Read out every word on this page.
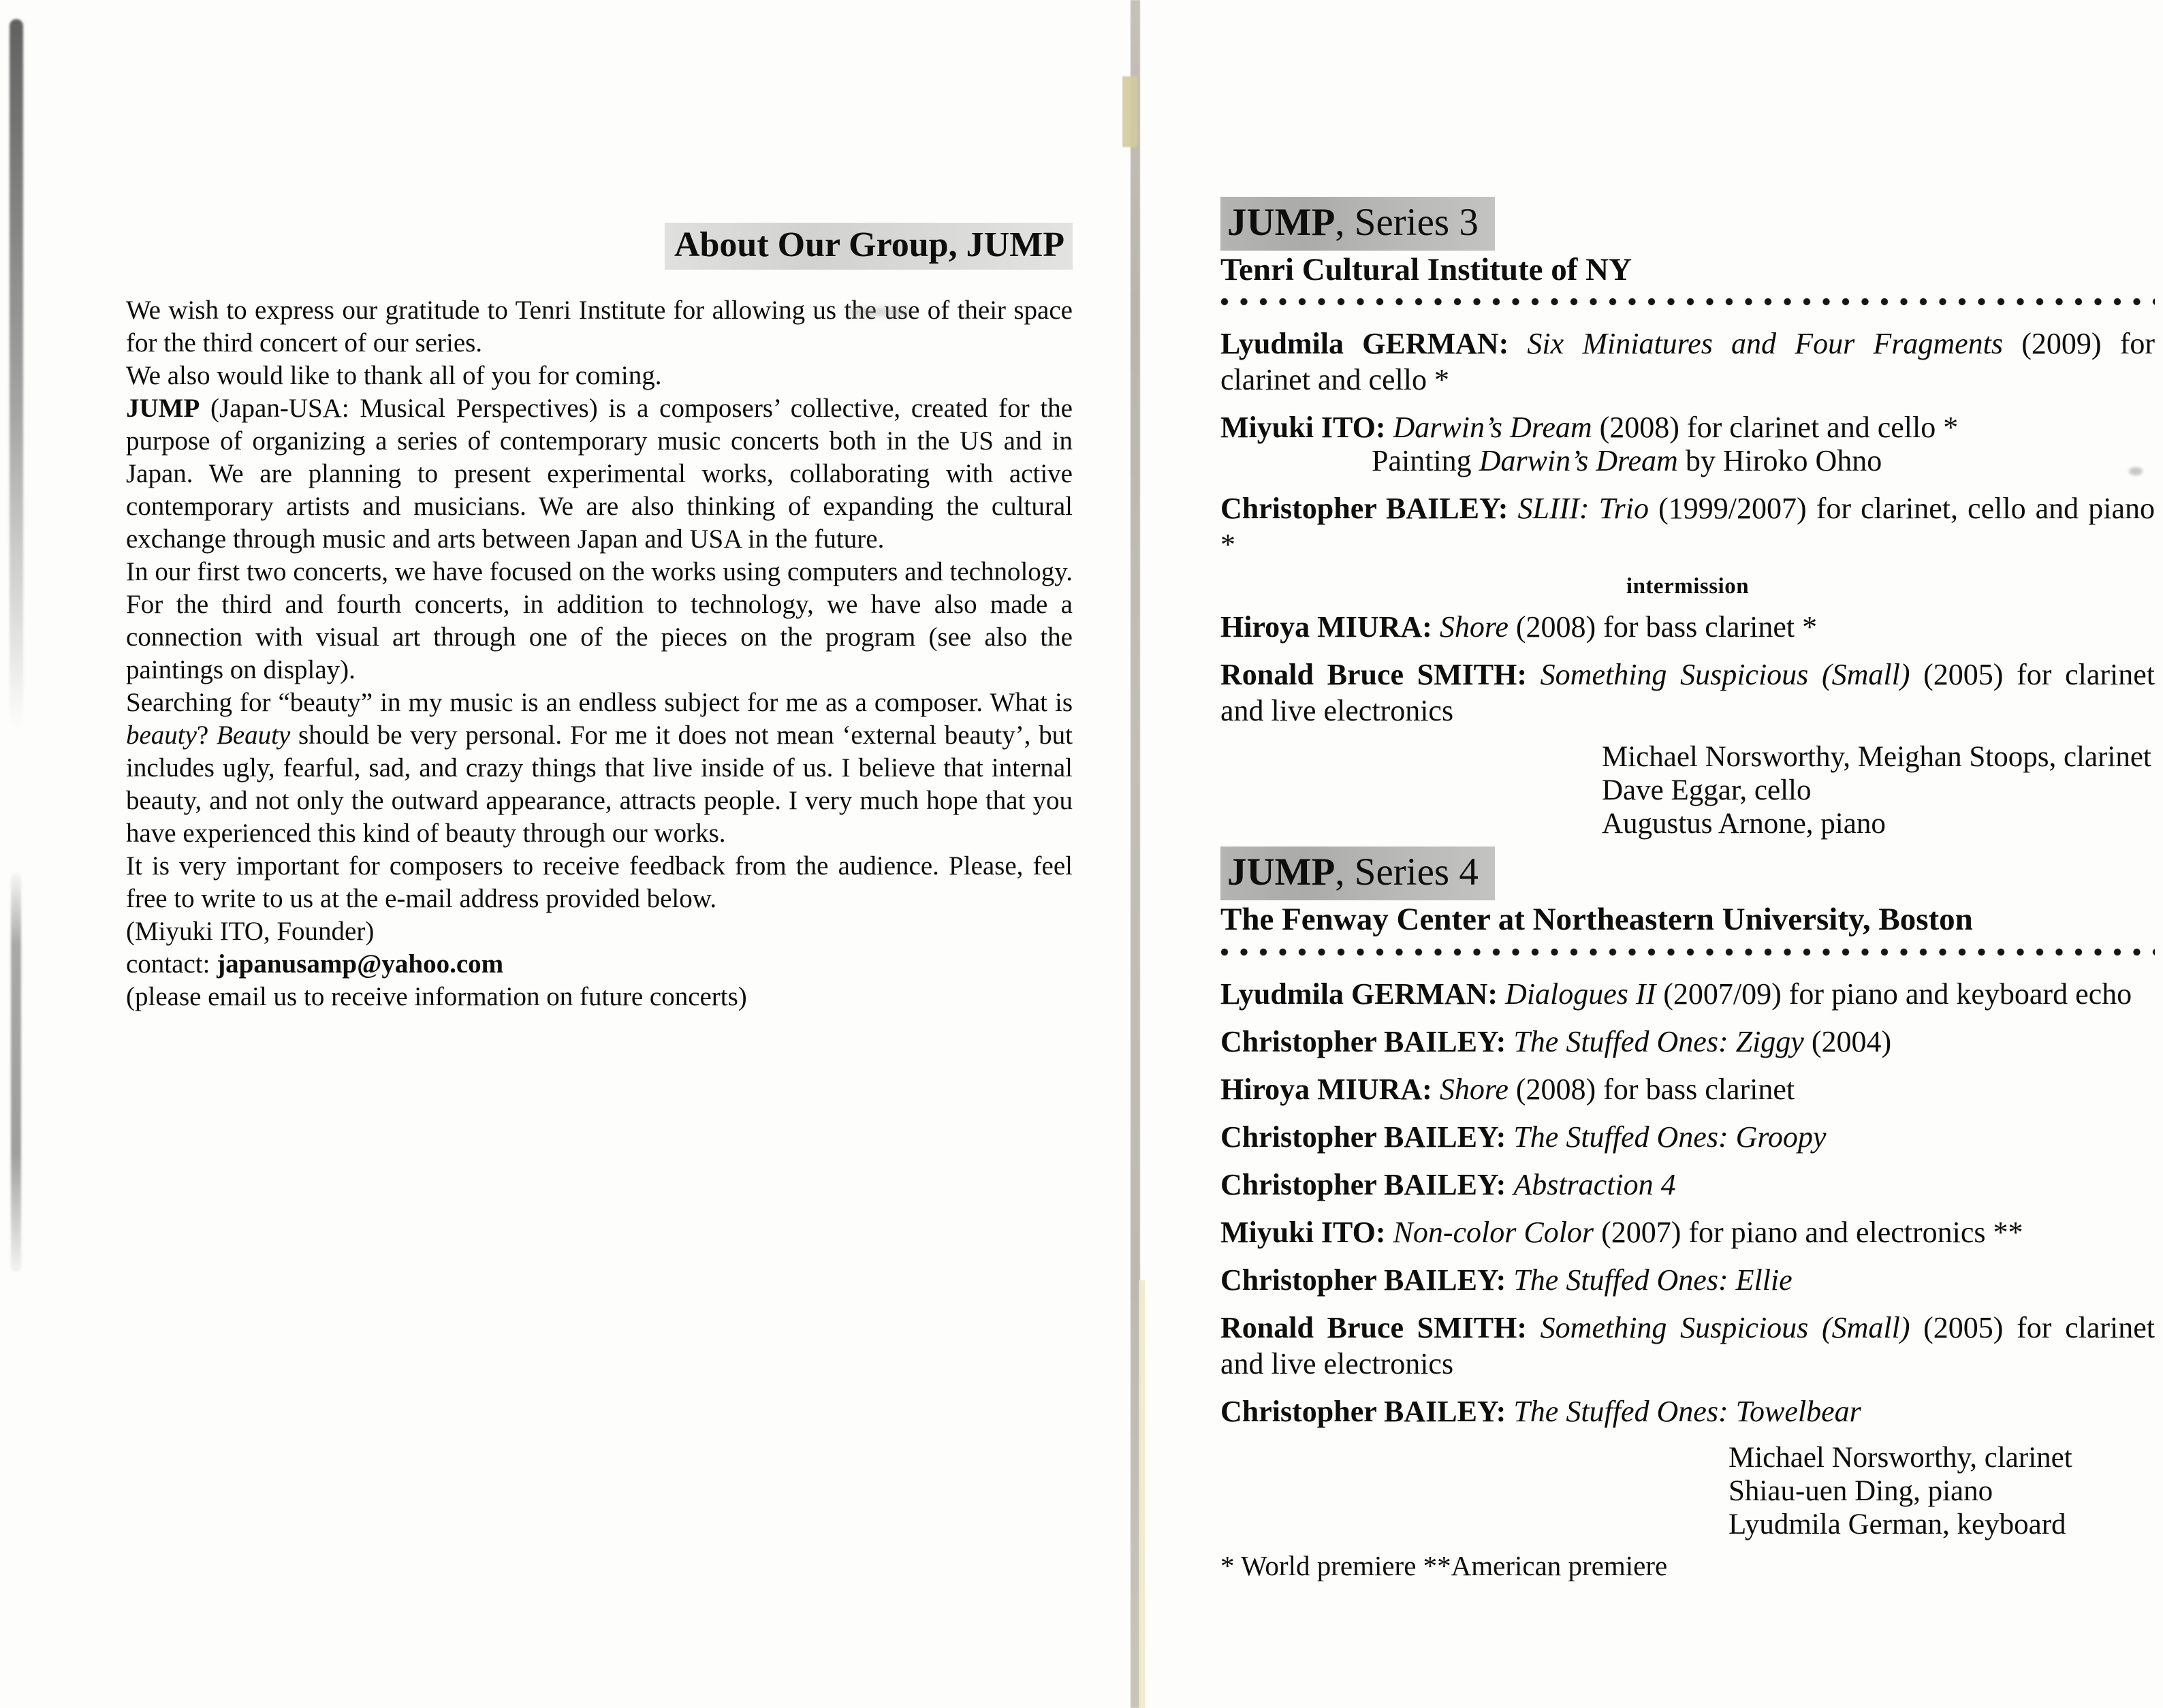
About Our Group, JUMP

We wish to express our gratitude to Tenri Institute for allowing us the use of their space for the third concert of our series.

We also would like to thank all of you for coming.

JUMP (Japan-USA: Musical Perspectives) is a composers’ collective, created for the purpose of organizing a series of contemporary music concerts both in the US and in Japan. We are planning to present experimental works, collaborating with active contemporary artists and musicians. We are also thinking of expanding the cultural exchange through music and arts between Japan and USA in the future.

In our first two concerts, we have focused on the works using computers and technology. For the third and fourth concerts, in addition to technology, we have also made a connection with visual art through one of the pieces on the program (see also the paintings on display).

Searching for “beauty” in my music is an endless subject for me as a composer. What is beauty? Beauty should be very personal. For me it does not mean ‘external beauty’, but includes ugly, fearful, sad, and crazy things that live inside of us. I believe that internal beauty, and not only the outward appearance, attracts people. I very much hope that you have experienced this kind of beauty through our works.

It is very important for composers to receive feedback from the audience. Please, feel free to write to us at the e-mail address provided below.

(Miyuki ITO, Founder)

contact: japanusamp@yahoo.com

(please email us to receive information on future concerts)

JUMP, Series 3

Tenri Cultural Institute of NY

Lyudmila GERMAN: Six Miniatures and Four Fragments (2009) for clarinet and cello *

Miyuki ITO: Darwin’s Dream (2008) for clarinet and cello *

Painting Darwin’s Dream by Hiroko Ohno

Christopher BAILEY: SLIII: Trio (1999/2007) for clarinet, cello and piano *

intermission

Hiroya MIURA: Shore (2008) for bass clarinet *

Ronald Bruce SMITH: Something Suspicious (Small) (2005) for clarinet and live electronics

Michael Norsworthy, Meighan Stoops, clarinet
Dave Eggar, cello
Augustus Arnone, piano
JUMP, Series 4

The Fenway Center at Northeastern University, Boston

Lyudmila GERMAN: Dialogues II (2007/09) for piano and keyboard echo

Christopher BAILEY: The Stuffed Ones: Ziggy (2004)

Hiroya MIURA: Shore (2008) for bass clarinet

Christopher BAILEY: The Stuffed Ones: Groopy

Christopher BAILEY: Abstraction 4

Miyuki ITO: Non-color Color (2007) for piano and electronics **

Christopher BAILEY: The Stuffed Ones: Ellie

Ronald Bruce SMITH: Something Suspicious (Small) (2005) for clarinet and live electronics

Christopher BAILEY: The Stuffed Ones: Towelbear

Michael Norsworthy, clarinet
Shiau-uen Ding, piano
Lyudmila German, keyboard

* World premiere **American premiere
